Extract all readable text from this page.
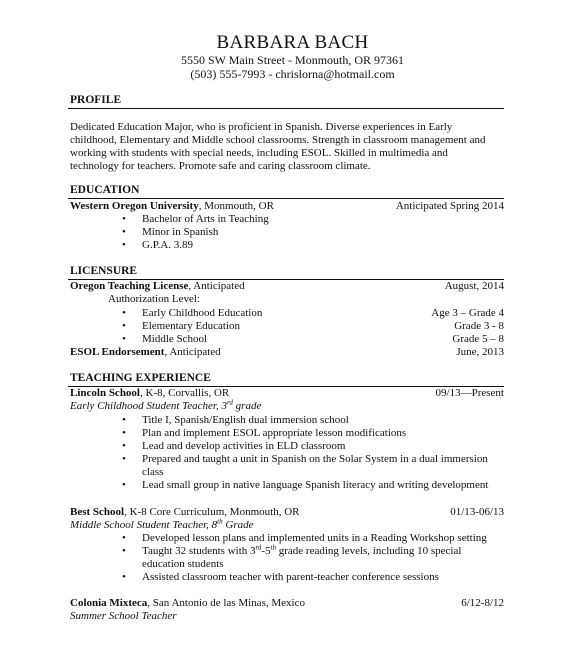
BARBARA BACH
5550 SW Main Street - Monmouth, OR 97361
(503) 555-7993 - chrislorna@hotmail.com
PROFILE
Dedicated Education Major, who is proficient in Spanish. Diverse experiences in Early
childhood, Elementary and Middle school classrooms. Strength in classroom management and
working with students with special needs, including ESOL. Skilled in multimedia and
technology for teachers. Promote safe and caring classroom climate.
EDUCATION
Western Oregon University, Monmouth, OR	Anticipated Spring 2014
• Bachelor of Arts in Teaching
• Minor in Spanish
• G.P.A. 3.89
LICENSURE
Oregon Teaching License, Anticipated	August, 2014
Authorization Level:
• Early Childhood Education	Age 3 – Grade 4
• Elementary Education	Grade 3 - 8
• Middle School	Grade 5 – 8
ESOL Endorsement, Anticipated	June, 2013
TEACHING EXPERIENCE
Lincoln School, K-8, Corvallis, OR	09/13—Present
Early Childhood Student Teacher, 3rd grade
• Title I, Spanish/English dual immersion school
• Plan and implement ESOL appropriate lesson modifications
• Lead and develop activities in ELD classroom
• Prepared and taught a unit in Spanish on the Solar System in a dual immersion
class
• Lead small group in native language Spanish literacy and writing development
Best School, K-8 Core Curriculum, Monmouth, OR	01/13-06/13
Middle School Student Teacher, 8th Grade
• Developed lesson plans and implemented units in a Reading Workshop setting
• Taught 32 students with 3rd-5th grade reading levels, including 10 special
education students
• Assisted classroom teacher with parent-teacher conference sessions
Colonia Mixteca, San Antonio de las Minas, Mexico	6/12-8/12
Summer School Teacher
